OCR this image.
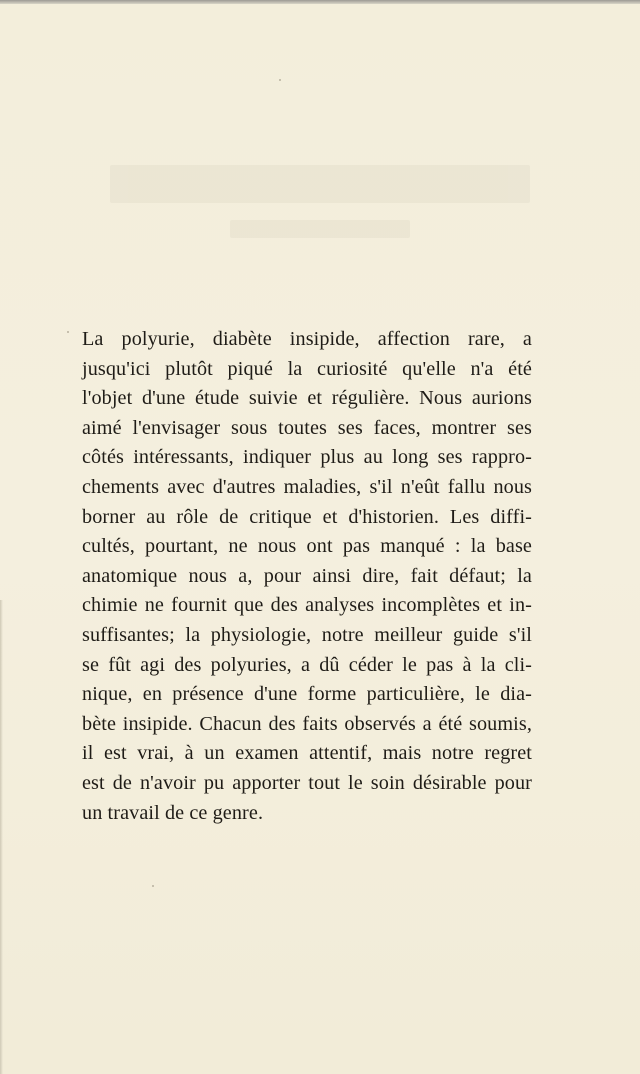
La polyurie, diabète insipide, affection rare, a
jusqu'ici plutôt piqué la curiosité qu'elle n'a été
l'objet d'une étude suivie et régulière. Nous aurions
aimé l'envisager sous toutes ses faces, montrer ses
côtés intéressants, indiquer plus au long ses rappro-
chements avec d'autres maladies, s'il n'eût fallu nous
borner au rôle de critique et d'historien. Les diffi-
cultés, pourtant, ne nous ont pas manqué : la base
anatomique nous a, pour ainsi dire, fait défaut; la
chimie ne fournit que des analyses incomplètes et in-
suffisantes; la physiologie, notre meilleur guide s'il
se fût agi des polyuries, a dû céder le pas à la cli-
nique, en présence d'une forme particulière, le dia-
bète insipide. Chacun des faits observés a été soumis,
il est vrai, à un examen attentif, mais notre regret
est de n'avoir pu apporter tout le soin désirable pour
un travail de ce genre.
